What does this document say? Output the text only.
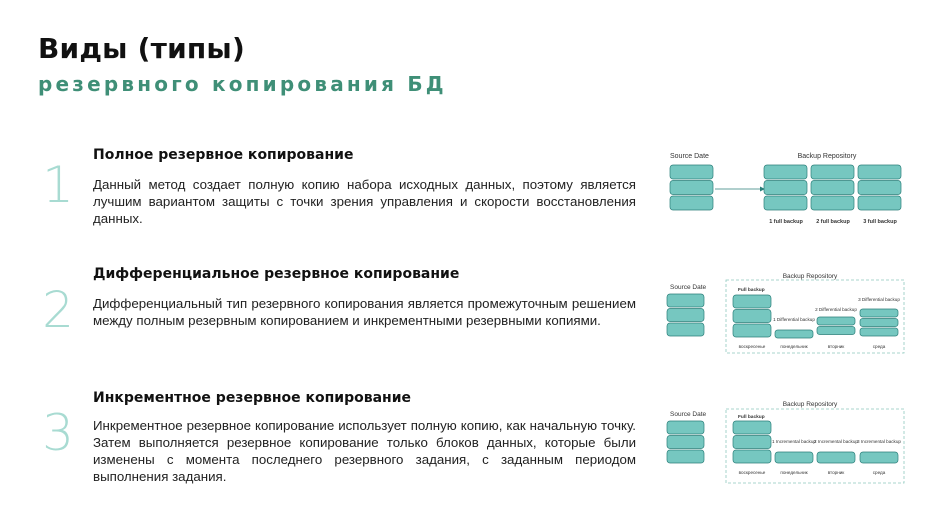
Виды (типы)
резервного копирования БД
1
Полное резервное копирование

Данный метод создает полную копию набора исходных данных, поэтому является лучшим вариантом защиты с точки зрения управления и скорости восстановления данных.

2
Дифференциальное резервное копирование

Дифференциальный тип резервного копирования является промежуточным решением между полным резервным копированием и инкрементными резервными копиями.

3
Инкрементное резервное копирование

Инкрементное резервное копирование использует полную копию, как начальную точку. Затем выполняется резервное копирование только блоков данных, которые были изменены с момента последнего резервного задания, с заданным периодом выполнения задания.

Source Date	Backup Repository
1 full backup 2 full backup 3 full backup
Source Date
Backup Repository
Full backup
1 Differential backup
2 Differential backup
3 Differential backup
воскресенье	понедельник	вторник	среда
Source Date
Backup Repository
Full backup
1 Incremental backup
2 Incremental backup 3 Incremental backup
воскресенье	понедельник	вторник	среда
